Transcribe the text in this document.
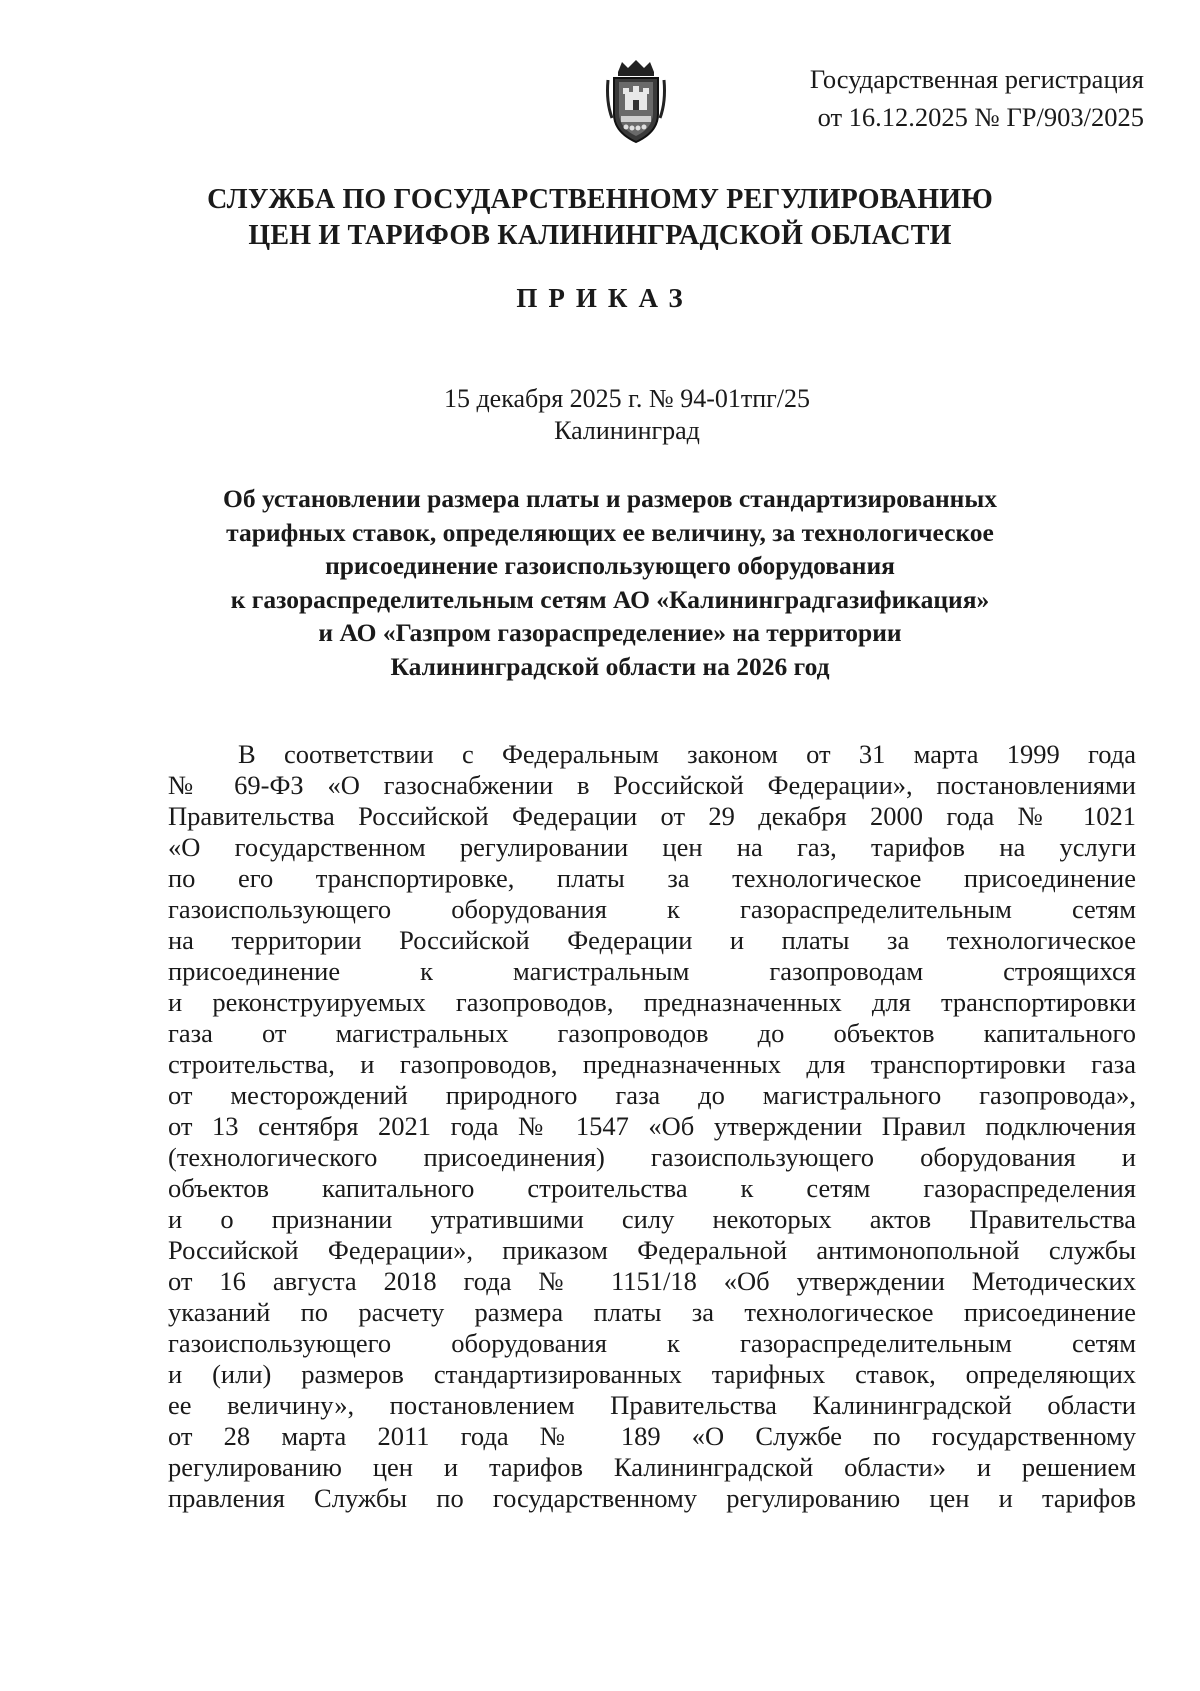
Государственная регистрация
от 16.12.2025 № ГР/903/2025
СЛУЖБА ПО ГОСУДАРСТВЕННОМУ РЕГУЛИРОВАНИЮ
ЦЕН И ТАРИФОВ КАЛИНИНГРАДСКОЙ ОБЛАСТИ
ПРИКАЗ
15 декабря 2025 г. № 94-01тпг/25
Калининград
Об установлении размера платы и размеров стандартизированных
тарифных ставок, определяющих ее величину, за технологическое
присоединение газоиспользующего оборудования
к газораспределительным сетям АО «Калининградгазификация»
и АО «Газпром газораспределение» на территории
Калининградской области на 2026 год
В соответствии с Федеральным законом от 31 марта 1999 года
№ 69-ФЗ «О газоснабжении в Российской Федерации», постановлениями
Правительства Российской Федерации от 29 декабря 2000 года № 1021
«О государственном регулировании цен на газ, тарифов на услуги
по его транспортировке, платы за технологическое присоединение
газоиспользующего оборудования к газораспределительным сетям
на территории Российской Федерации и платы за технологическое
присоединение к магистральным газопроводам строящихся
и реконструируемых газопроводов, предназначенных для транспортировки
газа от магистральных газопроводов до объектов капитального
строительства, и газопроводов, предназначенных для транспортировки газа
от месторождений природного газа до магистрального газопровода»,
от 13 сентября 2021 года № 1547 «Об утверждении Правил подключения
(технологического присоединения) газоиспользующего оборудования и
объектов капитального строительства к сетям газораспределения
и о признании утратившими силу некоторых актов Правительства
Российской Федерации», приказом Федеральной антимонопольной службы
от 16 августа 2018 года № 1151/18 «Об утверждении Методических
указаний по расчету размера платы за технологическое присоединение
газоиспользующего оборудования к газораспределительным сетям
и (или) размеров стандартизированных тарифных ставок, определяющих
ее величину», постановлением Правительства Калининградской области
от 28 марта 2011 года № 189 «О Службе по государственному
регулированию цен и тарифов Калининградской области» и решением
правления Службы по государственному регулированию цен и тарифов
